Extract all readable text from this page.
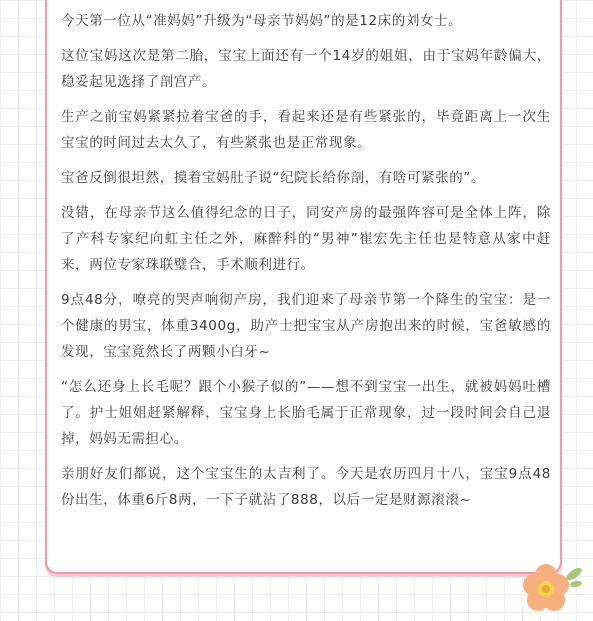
今天第一位从“准妈妈”升级为“母亲节妈妈”的是12床的刘女士。

这位宝妈这次是第二胎，宝宝上面还有一个14岁的姐姐，由于宝妈年龄偏大，稳妥起见选择了剖宫产。

生产之前宝妈紧紧拉着宝爸的手，看起来还是有些紧张的，毕竟距离上一次生宝宝的时间过去太久了，有些紧张也是正常现象。

宝爸反倒很坦然，摸着宝妈肚子说“纪院长给你剖，有啥可紧张的”。

没错，在母亲节这么值得纪念的日子，同安产房的最强阵容可是全体上阵，除了产科专家纪向虹主任之外，麻醉科的“男神”崔宏先主任也是特意从家中赶来，两位专家珠联璧合，手术顺利进行。

9点48分，嘹亮的哭声响彻产房，我们迎来了母亲节第一个降生的宝宝：是一个健康的男宝，体重3400g，助产士把宝宝从产房抱出来的时候，宝爸敏感的发现，宝宝竟然长了两颗小白牙~

“怎么还身上长毛呢？跟个小猴子似的”——想不到宝宝一出生，就被妈妈吐槽了。护士姐姐赶紧解释，宝宝身上长胎毛属于正常现象，过一段时间会自己退掉，妈妈无需担心。

亲朋好友们都说，这个宝宝生的太吉利了。今天是农历四月十八，宝宝9点48份出生，体重6斤8两，一下子就沾了888，以后一定是财源滚滚~
